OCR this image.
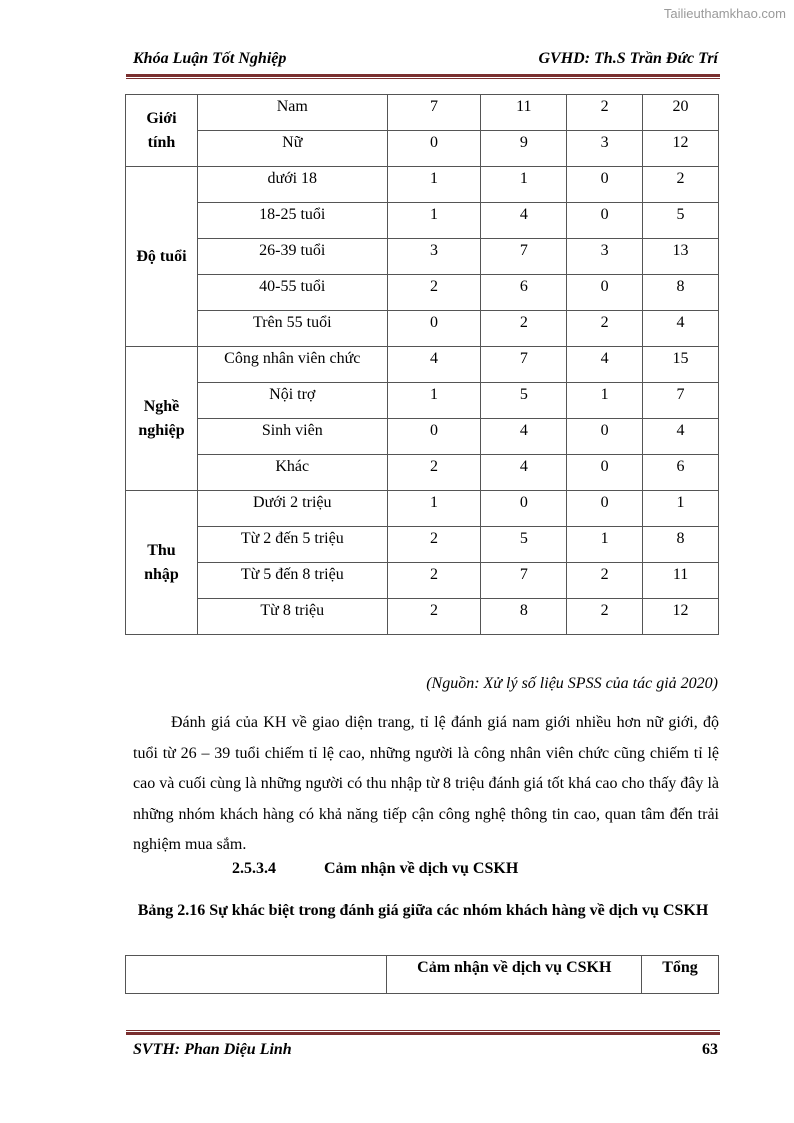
Tailieuthamkhao.com
Khóa Luận Tốt Nghiệp	GVHD: Th.S Trần Đức Trí
Giới
tính	Nam	7	11	2	20
	Nữ	0	9	3	12
Độ tuổi	dưới 18	1	1	0	2
	18-25 tuổi	1	4	0	5
	26-39 tuổi	3	7	3	13
	40-55 tuổi	2	6	0	8
	Trên 55 tuổi	0	2	2	4
Nghề
nghiệp	Công nhân viên chức	4	7	4	15
	Nội trợ	1	5	1	7
	Sinh viên	0	4	0	4
	Khác	2	4	0	6
Thu
nhập	Dưới 2 triệu	1	0	0	1
	Từ 2 đến 5 triệu	2	5	1	8
	Từ 5 đến 8 triệu	2	7	2	11
	Từ 8 triệu	2	8	2	12
(Nguồn: Xử lý số liệu SPSS của tác giả 2020)

Đánh giá của KH về giao diện trang, tỉ lệ đánh giá nam giới nhiều hơn nữ giới, độ tuổi từ 26 – 39 tuổi chiếm tỉ lệ cao, những người là công nhân viên chức cũng chiếm tỉ lệ cao và cuối cùng là những người có thu nhập từ 8 triệu đánh giá tốt khá cao cho thấy đây là những nhóm khách hàng có khả năng tiếp cận công nghệ thông tin cao, quan tâm đến trải nghiệm mua sắm.

2.5.3.4	Cảm nhận về dịch vụ CSKH
Bảng 2.16 Sự khác biệt trong đánh giá giữa các nhóm khách hàng về dịch vụ CSKH
	Cảm nhận về dịch vụ CSKH	Tổng
SVTH: Phan Diệu Linh	63
